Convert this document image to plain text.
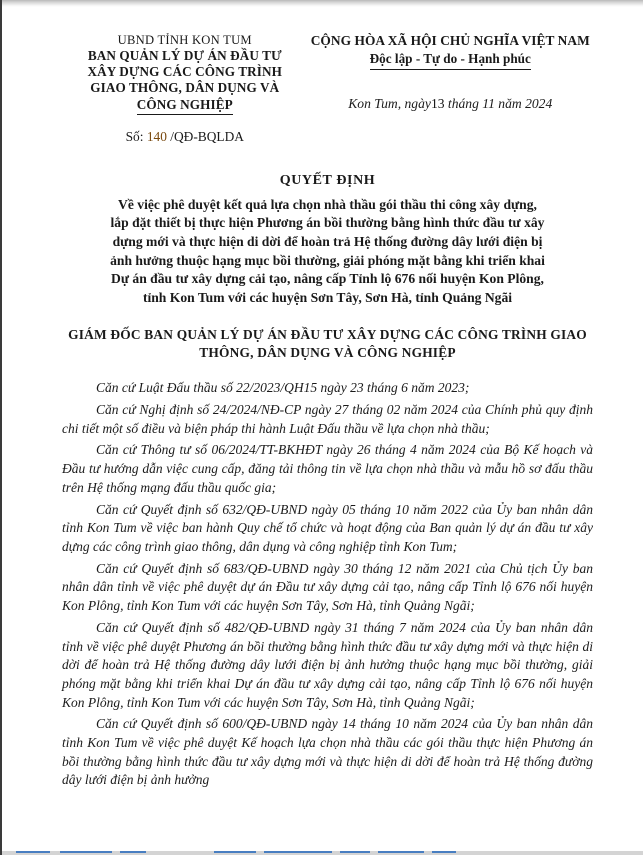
UBND TỈNH KON TUM
BAN QUẢN LÝ DỰ ÁN ĐẦU TƯ
XÂY DỰNG CÁC CÔNG TRÌNH
GIAO THÔNG, DÂN DỤNG VÀ
CÔNG NGHIỆP
Số: 140 /QĐ-BQLDA
CỘNG HÒA XÃ HỘI CHỦ NGHĨA VIỆT NAM
Độc lập - Tự do - Hạnh phúc
Kon Tum, ngày13 tháng 11 năm 2024
QUYẾT ĐỊNH
Về việc phê duyệt kết quả lựa chọn nhà thầu gói thầu thi công xây dựng,
lắp đặt thiết bị thực hiện Phương án bồi thường bằng hình thức đầu tư xây
dựng mới và thực hiện di dời để hoàn trả Hệ thống đường dây lưới điện bị
ảnh hưởng thuộc hạng mục bồi thường, giải phóng mặt bằng khi triển khai
Dự án đầu tư xây dựng cải tạo, nâng cấp Tỉnh lộ 676 nối huyện Kon Plông,
tỉnh Kon Tum với các huyện Sơn Tây, Sơn Hà, tỉnh Quảng Ngãi
GIÁM ĐỐC BAN QUẢN LÝ DỰ ÁN ĐẦU TƯ XÂY DỰNG CÁC CÔNG TRÌNH GIAO THÔNG, DÂN DỤNG VÀ CÔNG NGHIỆP

Căn cứ Luật Đấu thầu số 22/2023/QH15 ngày 23 tháng 6 năm 2023;

Căn cứ Nghị định số 24/2024/NĐ-CP ngày 27 tháng 02 năm 2024 của Chính phủ quy định chi tiết một số điều và biện pháp thi hành Luật Đấu thầu về lựa chọn nhà thầu;

Căn cứ Thông tư số 06/2024/TT-BKHĐT ngày 26 tháng 4 năm 2024 của Bộ Kế hoạch và Đầu tư hướng dẫn việc cung cấp, đăng tải thông tin về lựa chọn nhà thầu và mẫu hồ sơ đấu thầu trên Hệ thống mạng đấu thầu quốc gia;

Căn cứ Quyết định số 632/QĐ-UBND ngày 05 tháng 10 năm 2022 của Ủy ban nhân dân tỉnh Kon Tum về việc ban hành Quy chế tổ chức và hoạt động của Ban quản lý dự án đầu tư xây dựng các công trình giao thông, dân dụng và công nghiệp tỉnh Kon Tum;

Căn cứ Quyết định số 683/QĐ-UBND ngày 30 tháng 12 năm 2021 của Chủ tịch Ủy ban nhân dân tỉnh về việc phê duyệt dự án Đầu tư xây dựng cải tạo, nâng cấp Tỉnh lộ 676 nối huyện Kon Plông, tỉnh Kon Tum với các huyện Sơn Tây, Sơn Hà, tỉnh Quảng Ngãi;

Căn cứ Quyết định số 482/QĐ-UBND ngày 31 tháng 7 năm 2024 của Ủy ban nhân dân tỉnh về việc phê duyệt Phương án bồi thường bằng hình thức đầu tư xây dựng mới và thực hiện di dời để hoàn trả Hệ thống đường dây lưới điện bị ảnh hưởng thuộc hạng mục bồi thường, giải phóng mặt bằng khi triển khai Dự án đầu tư xây dựng cải tạo, nâng cấp Tỉnh lộ 676 nối huyện Kon Plông, tỉnh Kon Tum với các huyện Sơn Tây, Sơn Hà, tỉnh Quảng Ngãi;

Căn cứ Quyết định số 600/QĐ-UBND ngày 14 tháng 10 năm 2024 của Ủy ban nhân dân tỉnh Kon Tum về việc phê duyệt Kế hoạch lựa chọn nhà thầu các gói thầu thực hiện Phương án bồi thường bằng hình thức đầu tư xây dựng mới và thực hiện di dời để hoàn trả Hệ thống đường dây lưới điện bị ảnh hưởng
